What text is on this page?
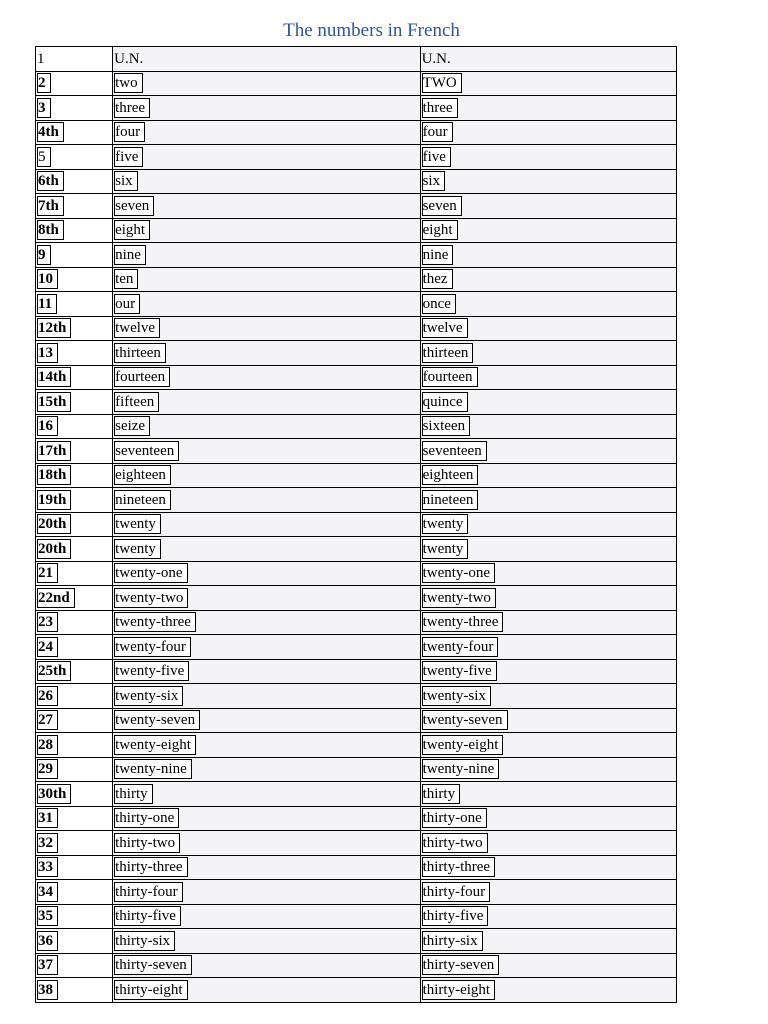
The numbers in French
1	U.N.	U.N.
2	two	TWO
3	three	three
4th	four	four
5	five	five
6th	six	six
7th	seven	seven
8th	eight	eight
9	nine	nine
10	ten	thez
11	our	once
12th	twelve	twelve
13	thirteen	thirteen
14th	fourteen	fourteen
15th	fifteen	quince
16	seize	sixteen
17th	seventeen	seventeen
18th	eighteen	eighteen
19th	nineteen	nineteen
20th	twenty	twenty
20th	twenty	twenty
21	twenty-one	twenty-one
22nd	twenty-two	twenty-two
23	twenty-three	twenty-three
24	twenty-four	twenty-four
25th	twenty-five	twenty-five
26	twenty-six	twenty-six
27	twenty-seven	twenty-seven
28	twenty-eight	twenty-eight
29	twenty-nine	twenty-nine
30th	thirty	thirty
31	thirty-one	thirty-one
32	thirty-two	thirty-two
33	thirty-three	thirty-three
34	thirty-four	thirty-four
35	thirty-five	thirty-five
36	thirty-six	thirty-six
37	thirty-seven	thirty-seven
38	thirty-eight	thirty-eight
